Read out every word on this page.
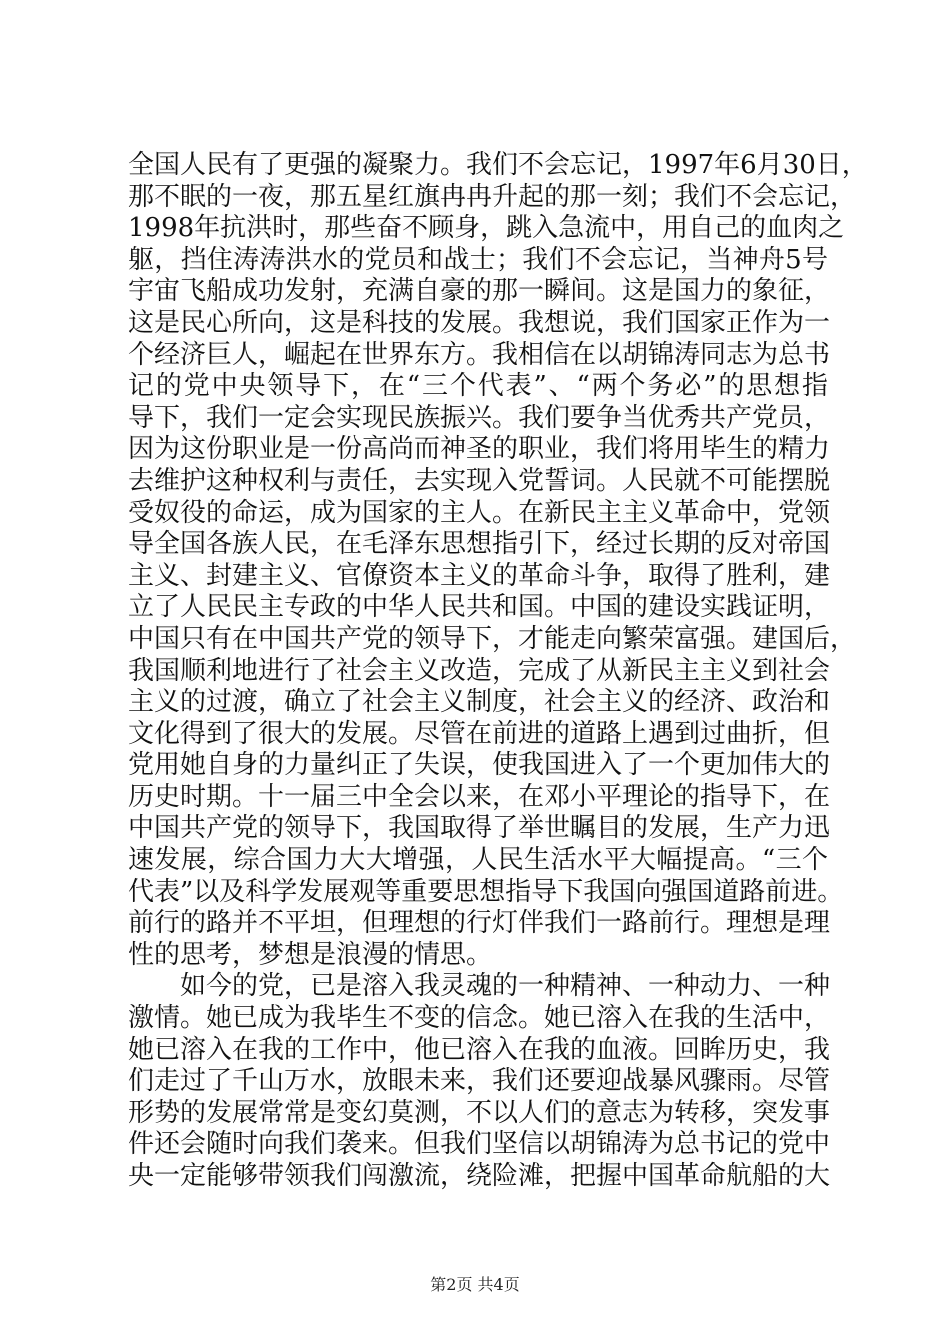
全国人民有了更强的凝聚力。我们不会忘记，1997年6月30日，
那不眠的一夜，那五星红旗冉冉升起的那一刻；我们不会忘记，
1998年抗洪时，那些奋不顾身，跳入急流中，用自己的血肉之
躯，挡住涛涛洪水的党员和战士；我们不会忘记，当神舟5号
宇宙飞船成功发射，充满自豪的那一瞬间。这是国力的象征，
这是民心所向，这是科技的发展。我想说，我们国家正作为一
个经济巨人，崛起在世界东方。我相信在以胡锦涛同志为总书
记的党中央领导下，在“三个代表”、“两个务必”的思想指
导下，我们一定会实现民族振兴。我们要争当优秀共产党员，
因为这份职业是一份高尚而神圣的职业，我们将用毕生的精力
去维护这种权利与责任，去实现入党誓词。人民就不可能摆脱
受奴役的命运，成为国家的主人。在新民主主义革命中，党领
导全国各族人民，在毛泽东思想指引下，经过长期的反对帝国
主义、封建主义、官僚资本主义的革命斗争，取得了胜利，建
立了人民民主专政的中华人民共和国。中国的建设实践证明，
中国只有在中国共产党的领导下，才能走向繁荣富强。建国后，
我国顺利地进行了社会主义改造，完成了从新民主主义到社会
主义的过渡，确立了社会主义制度，社会主义的经济、政治和
文化得到了很大的发展。尽管在前进的道路上遇到过曲折，但
党用她自身的力量纠正了失误，使我国进入了一个更加伟大的
历史时期。十一届三中全会以来，在邓小平理论的指导下，在
中国共产党的领导下，我国取得了举世瞩目的发展，生产力迅
速发展，综合国力大大增强，人民生活水平大幅提高。“三个
代表”以及科学发展观等重要思想指导下我国向强国道路前进。
前行的路并不平坦，但理想的行灯伴我们一路前行。理想是理
性的思考，梦想是浪漫的情思。
　　如今的党，已是溶入我灵魂的一种精神、一种动力、一种
激情。她已成为我毕生不变的信念。她已溶入在我的生活中，
她已溶入在我的工作中，他已溶入在我的血液。回眸历史，我
们走过了千山万水，放眼未来，我们还要迎战暴风骤雨。尽管
形势的发展常常是变幻莫测，不以人们的意志为转移，突发事
件还会随时向我们袭来。但我们坚信以胡锦涛为总书记的党中
央一定能够带领我们闯激流，绕险滩，把握中国革命航船的大
第2页 共4页
